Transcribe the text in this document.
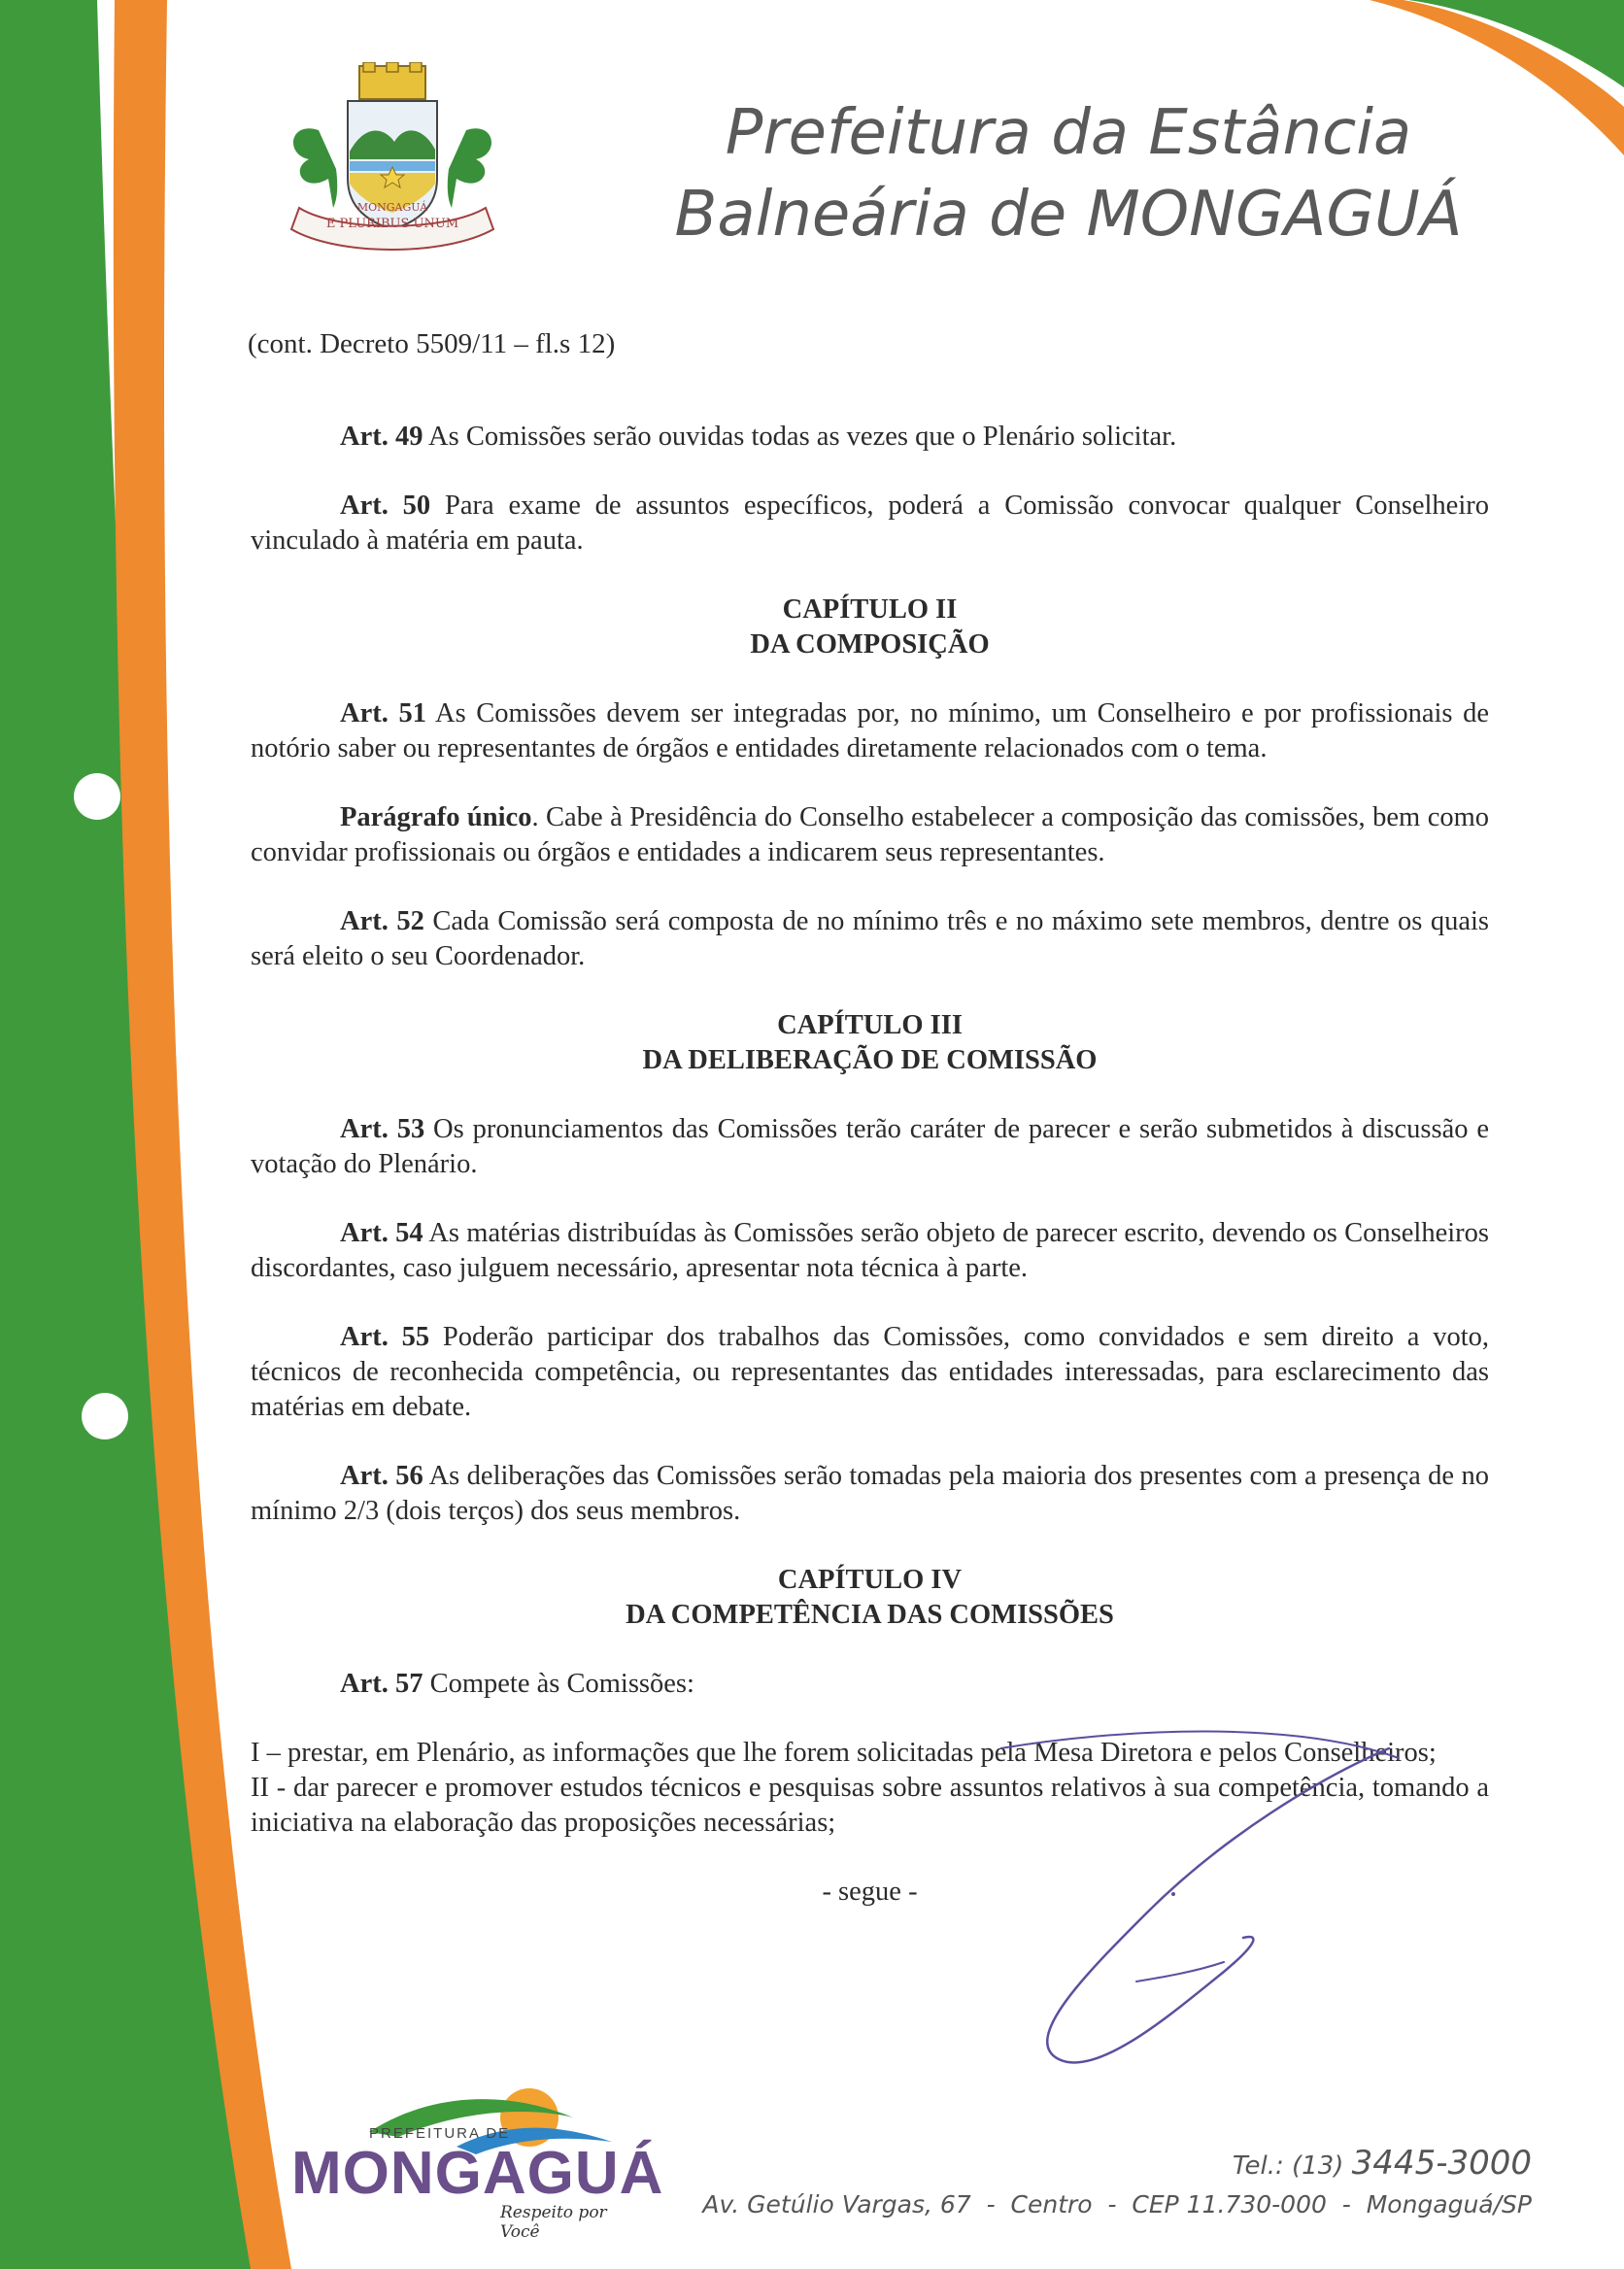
E PLURIBUS UNUM
MONGAGUÁ
Prefeitura da Estância
Balneária de MONGAGUÁ
(cont. Decreto 5509/11 – fl.s 12)

Art. 49 As Comissões serão ouvidas todas as vezes que o Plenário solicitar.

Art. 50 Para exame de assuntos específicos, poderá a Comissão convocar qualquer Conselheiro vinculado à matéria em pauta.

CAPÍTULO II
DA COMPOSIÇÃO

Art. 51 As Comissões devem ser integradas por, no mínimo, um Conselheiro e por profissionais de notório saber ou representantes de órgãos e entidades diretamente relacionados com o tema.

Parágrafo único. Cabe à Presidência do Conselho estabelecer a composição das comissões, bem como convidar profissionais ou órgãos e entidades a indicarem seus representantes.

Art. 52 Cada Comissão será composta de no mínimo três e no máximo sete membros, dentre os quais será eleito o seu Coordenador.

CAPÍTULO III
DA DELIBERAÇÃO DE COMISSÃO

Art. 53 Os pronunciamentos das Comissões terão caráter de parecer e serão submetidos à discussão e votação do Plenário.

Art. 54 As matérias distribuídas às Comissões serão objeto de parecer escrito, devendo os Conselheiros discordantes, caso julguem necessário, apresentar nota técnica à parte.

Art. 55 Poderão participar dos trabalhos das Comissões, como convidados e sem direito a voto, técnicos de reconhecida competência, ou representantes das entidades interessadas, para esclarecimento das matérias em debate.

Art. 56 As deliberações das Comissões serão tomadas pela maioria dos presentes com a presença de no mínimo 2/3 (dois terços) dos seus membros.

CAPÍTULO IV
DA COMPETÊNCIA DAS COMISSÕES

Art. 57 Compete às Comissões:

I – prestar, em Plenário, as informações que lhe forem solicitadas pela Mesa Diretora e pelos Conselheiros;
II - dar parecer e promover estudos técnicos e pesquisas sobre assuntos relativos à sua competência, tomando a iniciativa na elaboração das proposições necessárias;
- segue -
PREFEITURA DE
MONGAGUÁ
Respeito por Você
Tel.: (13) 3445-3000
Av. Getúlio Vargas, 67  -  Centro  -  CEP 11.730-000  -  Mongaguá/SP
